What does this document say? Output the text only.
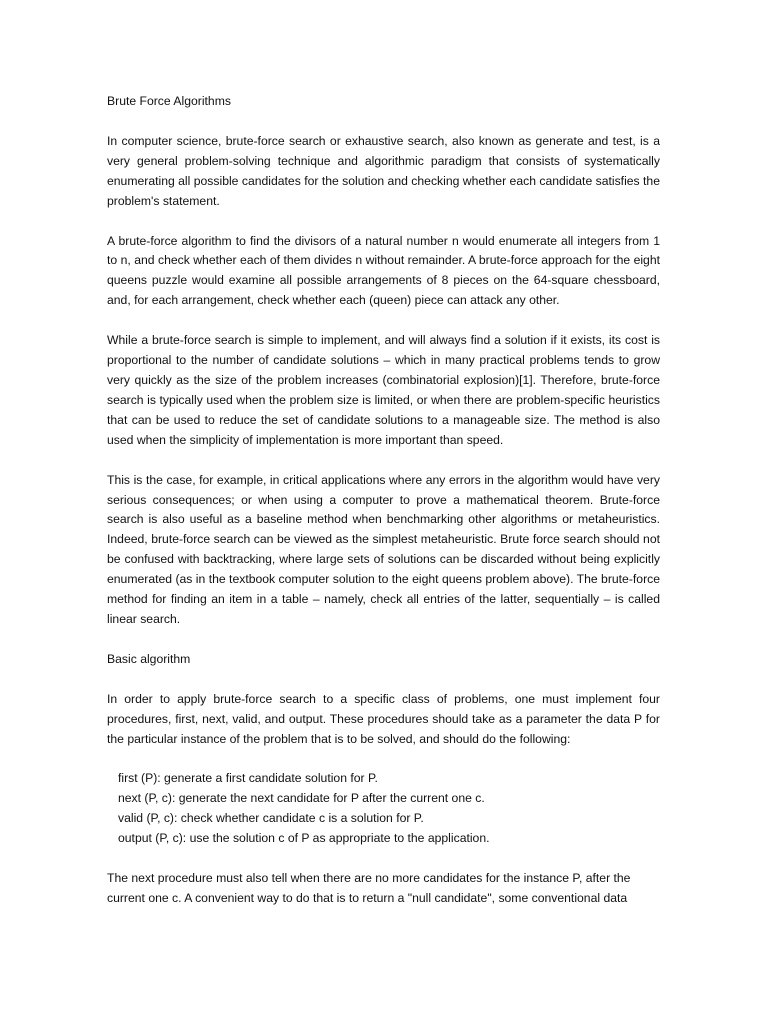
Brute Force Algorithms

In computer science, brute-force search or exhaustive search, also known as generate and test, is a very general problem-solving technique and algorithmic paradigm that consists of systematically enumerating all possible candidates for the solution and checking whether each candidate satisfies the problem's statement.

A brute-force algorithm to find the divisors of a natural number n would enumerate all integers from 1 to n, and check whether each of them divides n without remainder. A brute-force approach for the eight queens puzzle would examine all possible arrangements of 8 pieces on the 64-square chessboard, and, for each arrangement, check whether each (queen) piece can attack any other.

While a brute-force search is simple to implement, and will always find a solution if it exists, its cost is proportional to the number of candidate solutions – which in many practical problems tends to grow very quickly as the size of the problem increases (combinatorial explosion)[1]. Therefore, brute-force search is typically used when the problem size is limited, or when there are problem-specific heuristics that can be used to reduce the set of candidate solutions to a manageable size. The method is also used when the simplicity of implementation is more important than speed.

This is the case, for example, in critical applications where any errors in the algorithm would have very serious consequences; or when using a computer to prove a mathematical theorem. Brute-force search is also useful as a baseline method when benchmarking other algorithms or metaheuristics. Indeed, brute-force search can be viewed as the simplest metaheuristic. Brute force search should not be confused with backtracking, where large sets of solutions can be discarded without being explicitly enumerated (as in the textbook computer solution to the eight queens problem above). The brute-force method for finding an item in a table – namely, check all entries of the latter, sequentially – is called linear search.

Basic algorithm

In order to apply brute-force search to a specific class of problems, one must implement four procedures, first, next, valid, and output. These procedures should take as a parameter the data P for the particular instance of the problem that is to be solved, and should do the following:

first (P): generate a first candidate solution for P.
next (P, c): generate the next candidate for P after the current one c.
valid (P, c): check whether candidate c is a solution for P.
output (P, c): use the solution c of P as appropriate to the application.

The next procedure must also tell when there are no more candidates for the instance P, after the current one c. A convenient way to do that is to return a "null candidate", some conventional data
